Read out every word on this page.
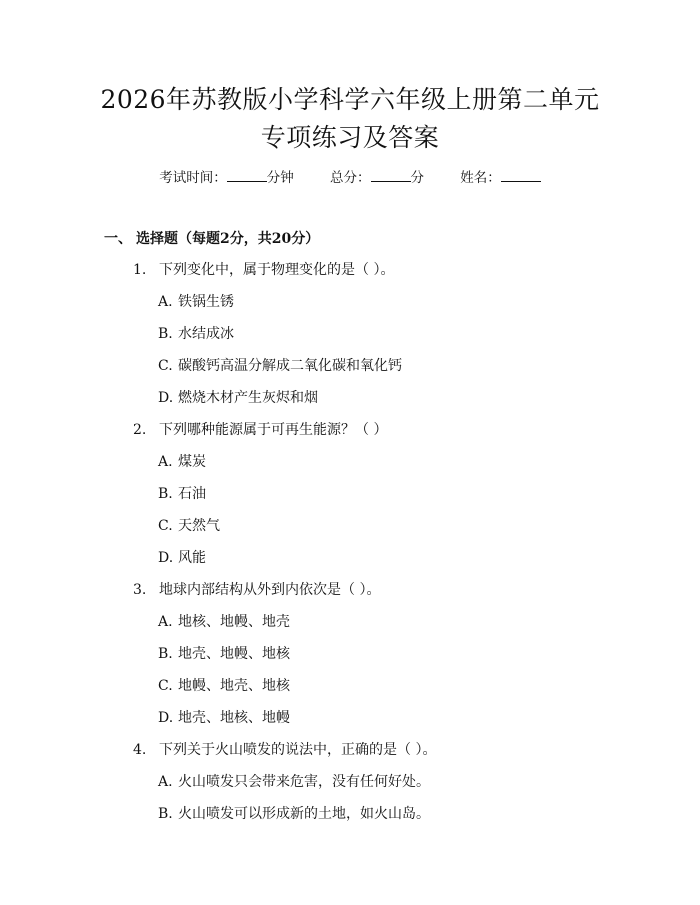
2026年苏教版小学科学六年级上册第二单元
专项练习及答案
考试时间：	分钟	总分：	分	姓名：
一、 选择题（每题2分，共20分）
1. 下列变化中，属于物理变化的是（ ）。
A. 铁锅生锈
B. 水结成冰
C. 碳酸钙高温分解成二氧化碳和氧化钙
D. 燃烧木材产生灰烬和烟
2. 下列哪种能源属于可再生能源？（ ）
A. 煤炭
B. 石油
C. 天然气
D. 风能
3. 地球内部结构从外到内依次是（ ）。
A. 地核、地幔、地壳
B. 地壳、地幔、地核
C. 地幔、地壳、地核
D. 地壳、地核、地幔
4. 下列关于火山喷发的说法中，正确的是（ ）。
A. 火山喷发只会带来危害，没有任何好处。
B. 火山喷发可以形成新的土地，如火山岛。
